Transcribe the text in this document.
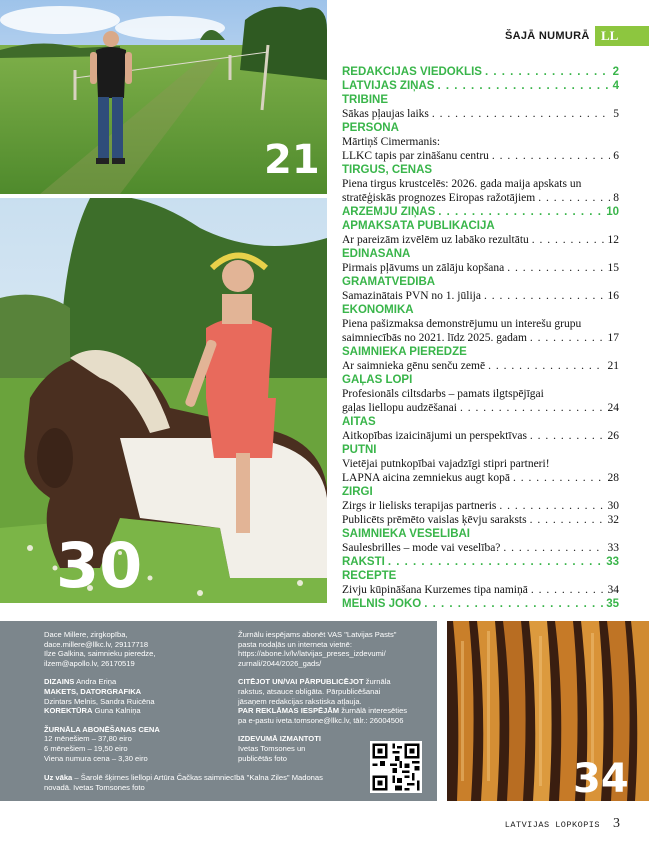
21
30
34
ŠAJĀ NUMURĀ LL
REDAKCIJAS VIEDOKLIS . . .	2
LATVIJAS ZIŅAS . . .	4
TRIBĪNE
Sākas pļaujas laiks . . .	5
PERSONA
Mārtiņš Cimermanis:
LLKC tapis par zināšanu centru . . .	6
TIRGUS, CENAS
Piena tirgus krustcelēs: 2026. gada maija apskats un
stratēģiskās prognozes Eiropas ražotājiem . . .	8
ĀRZEMJU ZIŅAS . . .	10
APMAKSĀTA PUBLIKĀCIJA
Ar pareizām izvēlēm uz labāko rezultātu . . .	12
ĒDINĀŠANA
Pirmais pļāvums un zālāju kopšana . . .	15
GRĀMATVEDĪBA
Samazinātais PVN no 1. jūlija . . .	16
EKONOMIKA
Piena pašizmaksa demonstrējumu un interešu grupu
saimniecībās no 2021. līdz 2025. gadam . . .	17
SAIMNIEKA PIEREDZE
Ar saimnieka gēnu senču zemē . . .	21
GAĻAS LOPI
Profesionāls ciltsdarbs – pamats ilgtspējīgai
gaļas liellopu audzēšanai . . .	24
AITAS
Aitkopības izaicinājumi un perspektīvas . . .	26
PUTNI
Vietējai putnkopībai vajadzīgi stipri partneri!
LAPNA aicina zemniekus augt kopā . . .	28
ZIRGI
Zirgs ir lielisks terapijas partneris . . .	30
Publicēts prēmēto vaislas ķēvju saraksts . . .	32
SAIMNIEKA VESELĪBAI
Saulesbrilles – mode vai veselība? . . .	33
RAKSTI . . .	33
RECEPTE
Zivju kūpināšana Kurzemes tipa namiņā . . .	34
MELNIS JOKO . . .	35

Dace Millere, zirgkopība,

dace.millere@llkc.lv, 29117718

Ilze Galkina, saimnieku pieredze,

ilzem@apollo.lv, 26170519

DIZAINS Andra Eriņa

MAKETS, DATORGRAFIKA

Dzintars Melnis, Sandra Ruicēna

KOREKTŪRA Guna Kalniņa

ŽURNĀLA ABONĒŠANAS CENA

12 mēnešiem – 37,80 eiro

6 mēnešiem – 19,50 eiro

Viena numura cena – 3,30 eiro

Uz vāka – Šarolē šķirnes liellopi Artūra Čačkas saimniecībā "Kalna Ziles" Madonas

novadā. Ivetas Tomsones foto

Žurnālu iespējams abonēt VAS "Latvijas Pasts"

pasta nodaļās un interneta vietnē:

https://abone.lv/lv/latvijas_preses_izdevumi/

zurnali/2044/2026_gads/

CITĒJOT UN/VAI PĀRPUBLICĒJOT žurnāla

rakstus, atsauce obligāta. Pārpublicēšanai

jāsaņem redakcijas rakstiska atļauja.

PAR REKLĀMAS IESPĒJĀM žurnālā interesēties

pa e-pastu iveta.tomsone@llkc.lv, tālr.: 26004506

IZDEVUMĀ IZMANTOTI

Ivetas Tomsones un

publicētās foto

LATVIJAS LOPKOPIS 3
